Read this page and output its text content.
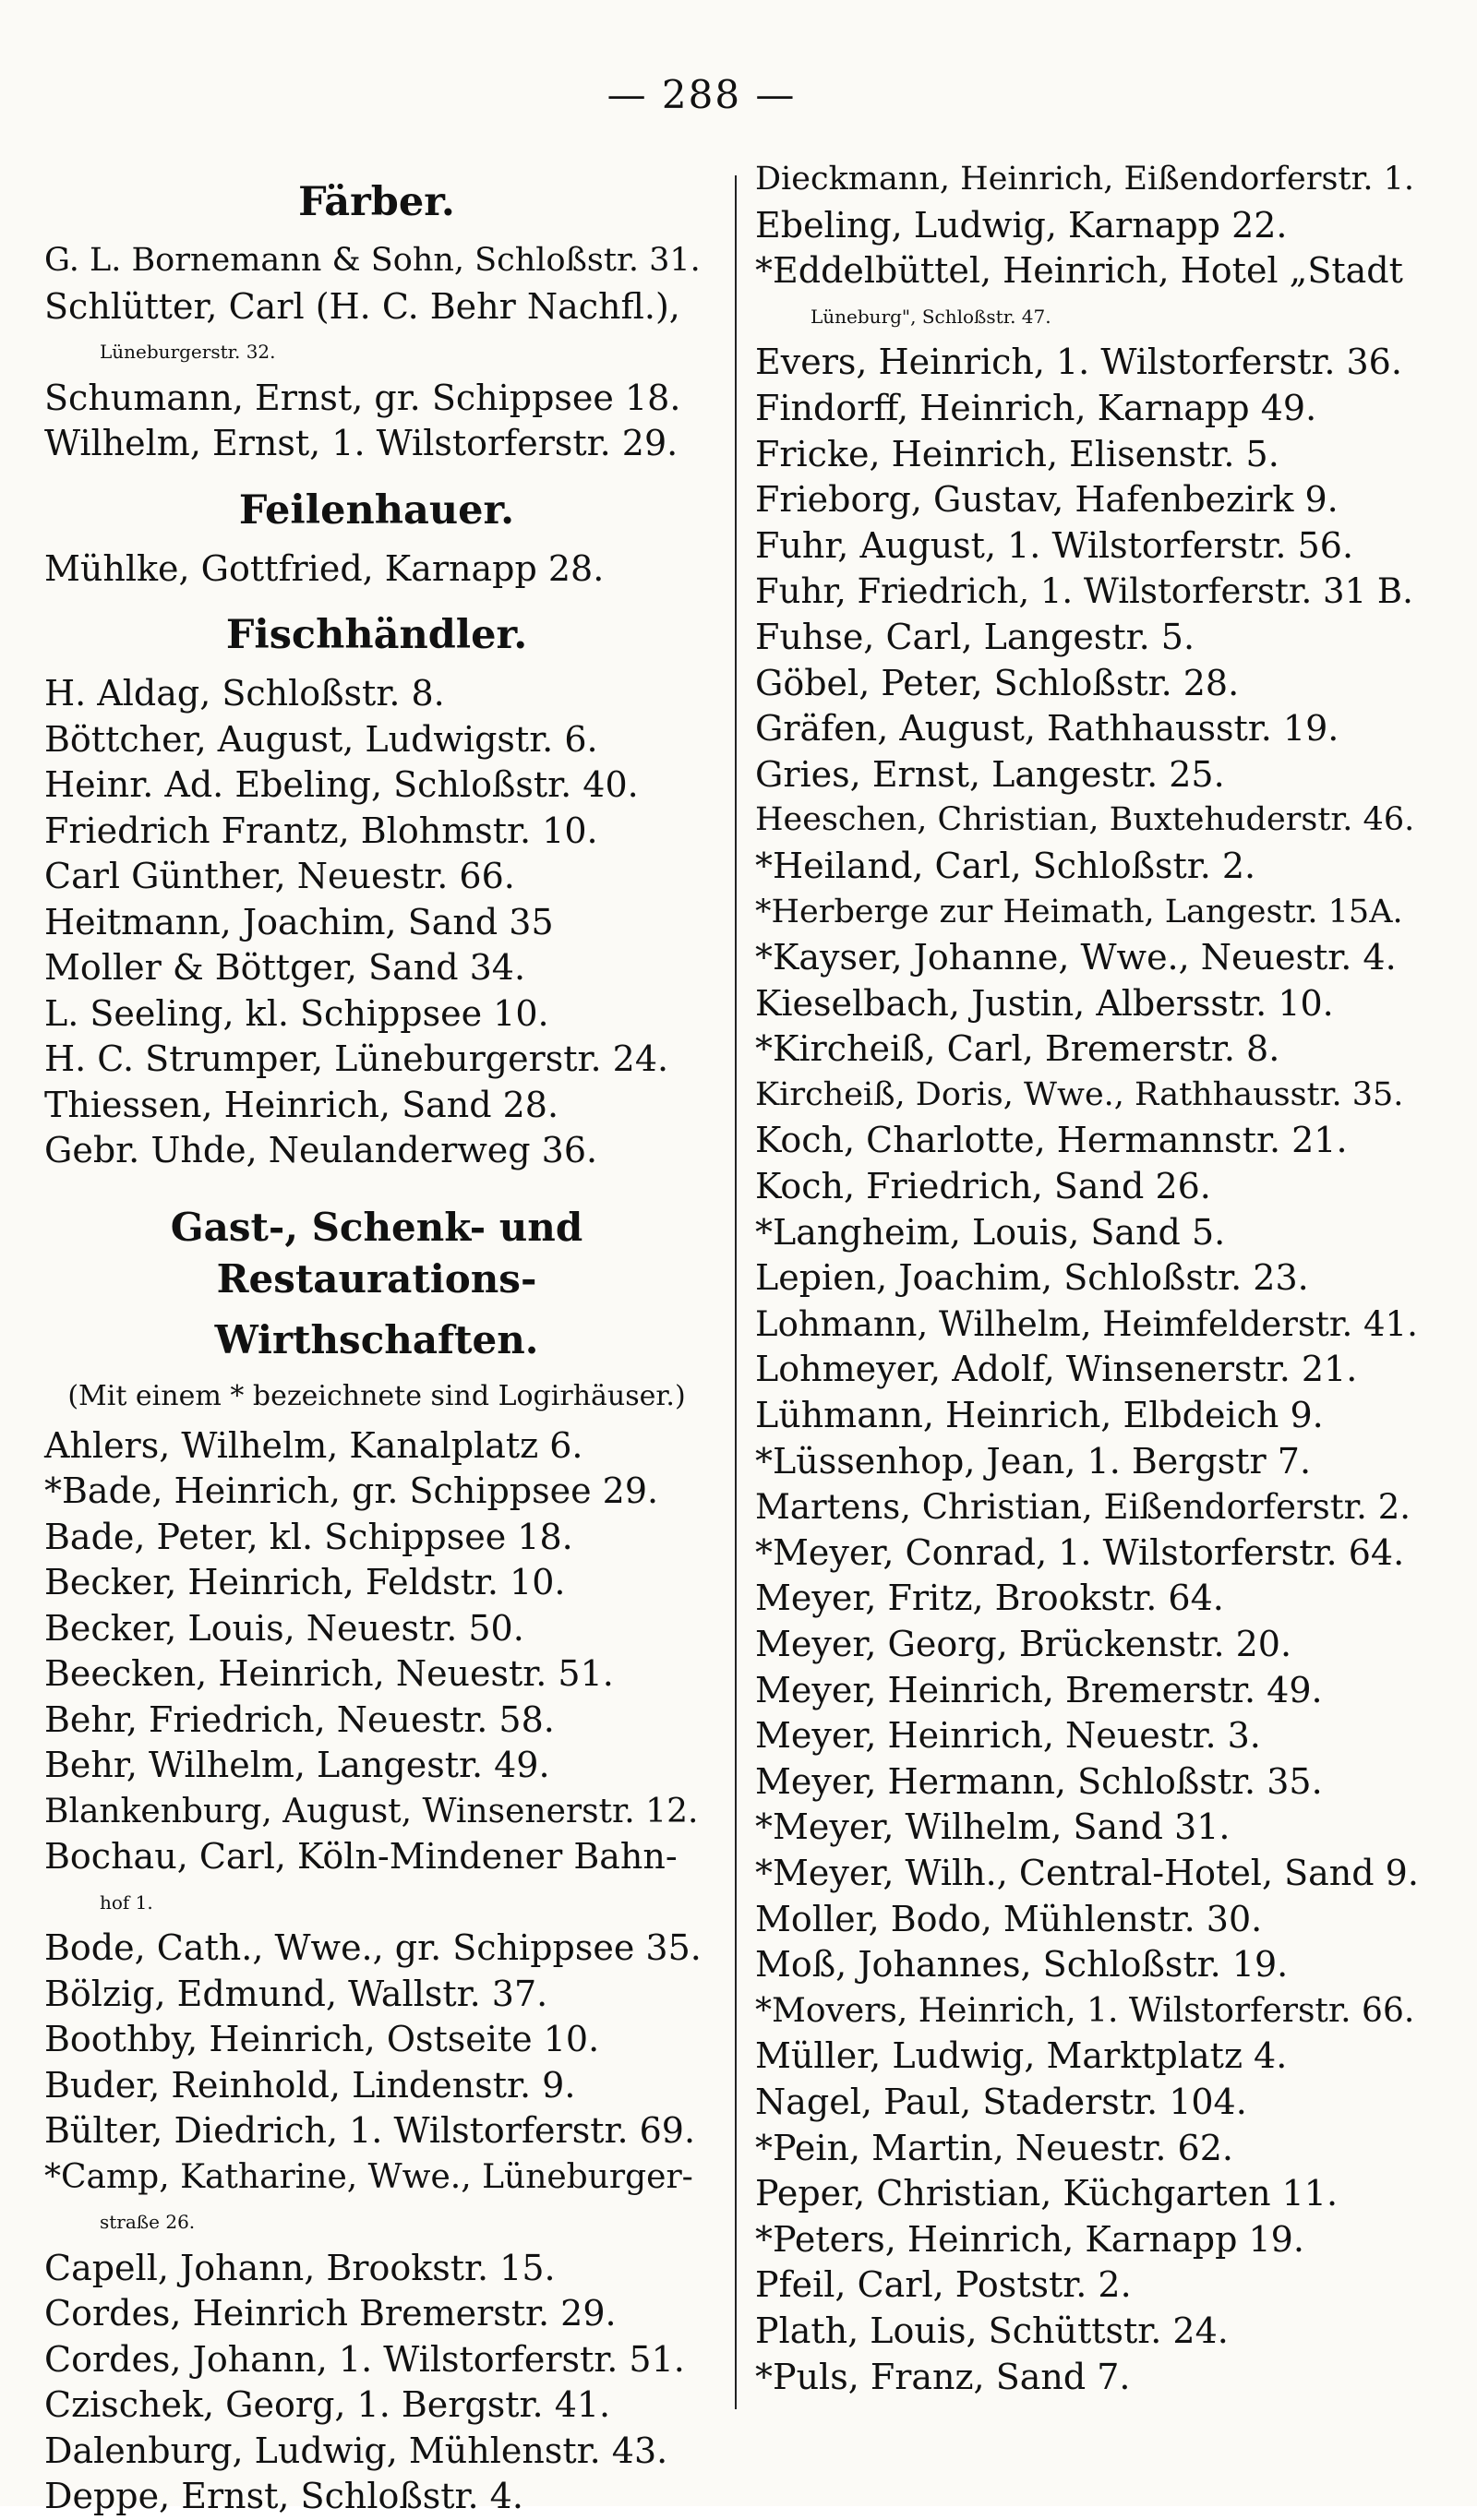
— 288 —
Färber.
G. L. Bornemann & Sohn, Schloßstr. 31.
Schlütter, Carl (H. C. Behr Nachfl.),
Lüneburgerstr. 32.
Schumann, Ernst, gr. Schippsee 18.
Wilhelm, Ernst, 1. Wilstorferstr. 29.
Feilenhauer.
Mühlke, Gottfried, Karnapp 28.
Fischhändler.
H. Aldag, Schloßstr. 8.
Böttcher, August, Ludwigstr. 6.
Heinr. Ad. Ebeling, Schloßstr. 40.
Friedrich Frantz, Blohmstr. 10.
Carl Günther, Neuestr. 66.
Heitmann, Joachim, Sand 35
Moller & Böttger, Sand 34.
L. Seeling, kl. Schippsee 10.
H. C. Strumper, Lüneburgerstr. 24.
Thiessen, Heinrich, Sand 28.
Gebr. Uhde, Neulanderweg 36.
Gast-, Schenk- und Restaurations-
Wirthschaften.
(Mit einem * bezeichnete sind Logirhäuser.)
Ahlers, Wilhelm, Kanalplatz 6.
*Bade, Heinrich, gr. Schippsee 29.
Bade, Peter, kl. Schippsee 18.
Becker, Heinrich, Feldstr. 10.
Becker, Louis, Neuestr. 50.
Beecken, Heinrich, Neuestr. 51.
Behr, Friedrich, Neuestr. 58.
Behr, Wilhelm, Langestr. 49.
Blankenburg, August, Winsenerstr. 12.
Bochau, Carl, Köln-Mindener Bahn-
hof 1.
Bode, Cath., Wwe., gr. Schippsee 35.
Bölzig, Edmund, Wallstr. 37.
Boothby, Heinrich, Ostseite 10.
Buder, Reinhold, Lindenstr. 9.
Bülter, Diedrich, 1. Wilstorferstr. 69.
*Camp, Katharine, Wwe., Lüneburger-
straße 26.
Capell, Johann, Brookstr. 15.
Cordes, Heinrich Bremerstr. 29.
Cordes, Johann, 1. Wilstorferstr. 51.
Czischek, Georg, 1. Bergstr. 41.
Dalenburg, Ludwig, Mühlenstr. 43.
Deppe, Ernst, Schloßstr. 4.
Dieckmann, Heinrich, Eißendorferstr. 1.
Ebeling, Ludwig, Karnapp 22.
*Eddelbüttel, Heinrich, Hotel „Stadt
Lüneburg", Schloßstr. 47.
Evers, Heinrich, 1. Wilstorferstr. 36.
Findorff, Heinrich, Karnapp 49.
Fricke, Heinrich, Elisenstr. 5.
Frieborg, Gustav, Hafenbezirk 9.
Fuhr, August, 1. Wilstorferstr. 56.
Fuhr, Friedrich, 1. Wilstorferstr. 31 B.
Fuhse, Carl, Langestr. 5.
Göbel, Peter, Schloßstr. 28.
Gräfen, August, Rathhausstr. 19.
Gries, Ernst, Langestr. 25.
Heeschen, Christian, Buxtehuderstr. 46.
*Heiland, Carl, Schloßstr. 2.
*Herberge zur Heimath, Langestr. 15A.
*Kayser, Johanne, Wwe., Neuestr. 4.
Kieselbach, Justin, Albersstr. 10.
*Kircheiß, Carl, Bremerstr. 8.
Kircheiß, Doris, Wwe., Rathhausstr. 35.
Koch, Charlotte, Hermannstr. 21.
Koch, Friedrich, Sand 26.
*Langheim, Louis, Sand 5.
Lepien, Joachim, Schloßstr. 23.
Lohmann, Wilhelm, Heimfelderstr. 41.
Lohmeyer, Adolf, Winsenerstr. 21.
Lühmann, Heinrich, Elbdeich 9.
*Lüssenhop, Jean, 1. Bergstr 7.
Martens, Christian, Eißendorferstr. 2.
*Meyer, Conrad, 1. Wilstorferstr. 64.
Meyer, Fritz, Brookstr. 64.
Meyer, Georg, Brückenstr. 20.
Meyer, Heinrich, Bremerstr. 49.
Meyer, Heinrich, Neuestr. 3.
Meyer, Hermann, Schloßstr. 35.
*Meyer, Wilhelm, Sand 31.
*Meyer, Wilh., Central-Hotel, Sand 9.
Moller, Bodo, Mühlenstr. 30.
Moß, Johannes, Schloßstr. 19.
*Movers, Heinrich, 1. Wilstorferstr. 66.
Müller, Ludwig, Marktplatz 4.
Nagel, Paul, Staderstr. 104.
*Pein, Martin, Neuestr. 62.
Peper, Christian, Küchgarten 11.
*Peters, Heinrich, Karnapp 19.
Pfeil, Carl, Poststr. 2.
Plath, Louis, Schüttstr. 24.
*Puls, Franz, Sand 7.
